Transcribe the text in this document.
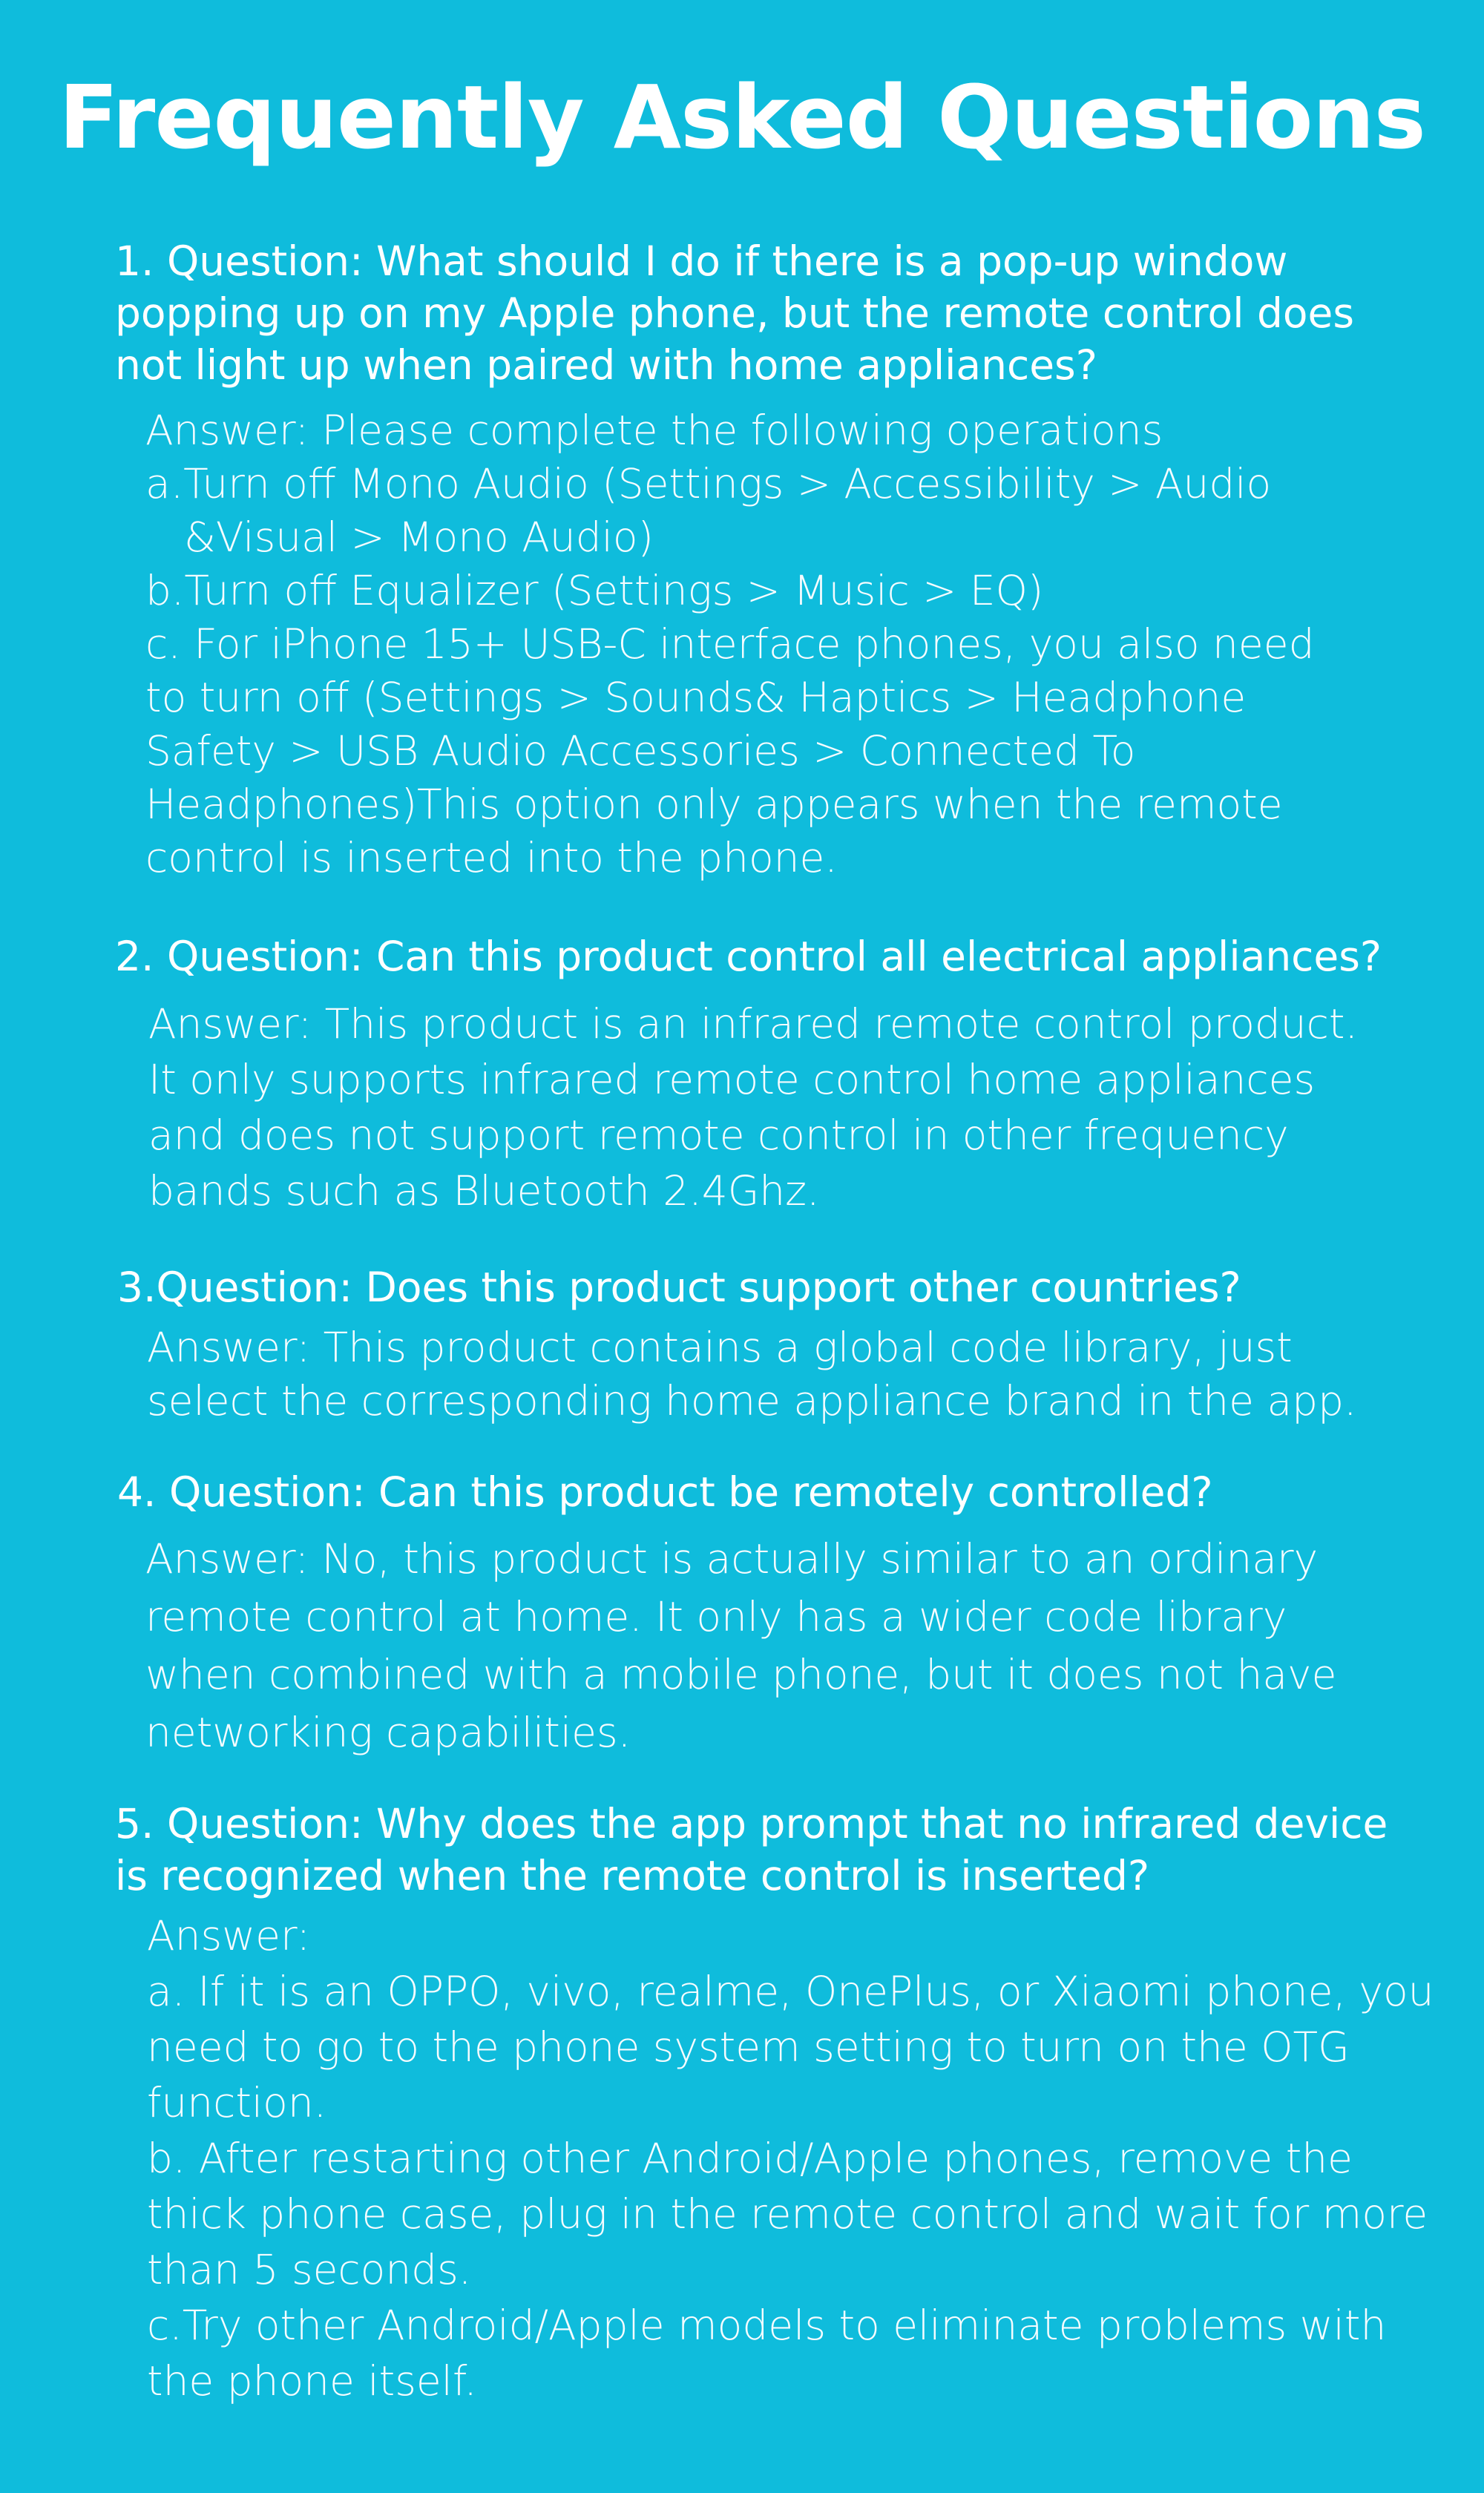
Frequently Asked Questions
1. Question: What should I do if there is a pop-up window
popping up on my Apple phone, but the remote control does
not light up when paired with home appliances?
Answer: Please complete the following operations
a.Turn off Mono Audio (Settings > Accessibility > Audio
&Visual > Mono Audio)
b.Turn off Equalizer (Settings > Music > EQ)
c. For iPhone 15+ USB-C interface phones, you also need
to turn off (Settings > Sounds& Haptics > Headphone
Safety > USB Audio Accessories > Connected To
Headphones)This option only appears when the remote
control is inserted into the phone.
2. Question: Can this product control all electrical appliances?
Answer: This product is an infrared remote control product.
It only supports infrared remote control home appliances
and does not support remote control in other frequency
bands such as Bluetooth 2.4Ghz.
3.Question: Does this product support other countries?
Answer: This product contains a global code library, just
select the corresponding home appliance brand in the app.
4. Question: Can this product be remotely controlled?
Answer: No, this product is actually similar to an ordinary
remote control at home. It only has a wider code library
when combined with a mobile phone, but it does not have
networking capabilities.
5. Question: Why does the app prompt that no infrared device
is recognized when the remote control is inserted?
Answer:
a. If it is an OPPO, vivo, realme, OnePlus, or Xiaomi phone, you
need to go to the phone system setting to turn on the OTG
function.
b. After restarting other Android/Apple phones, remove the
thick phone case, plug in the remote control and wait for more
than 5 seconds.
c.Try other Android/Apple models to eliminate problems with
the phone itself.
